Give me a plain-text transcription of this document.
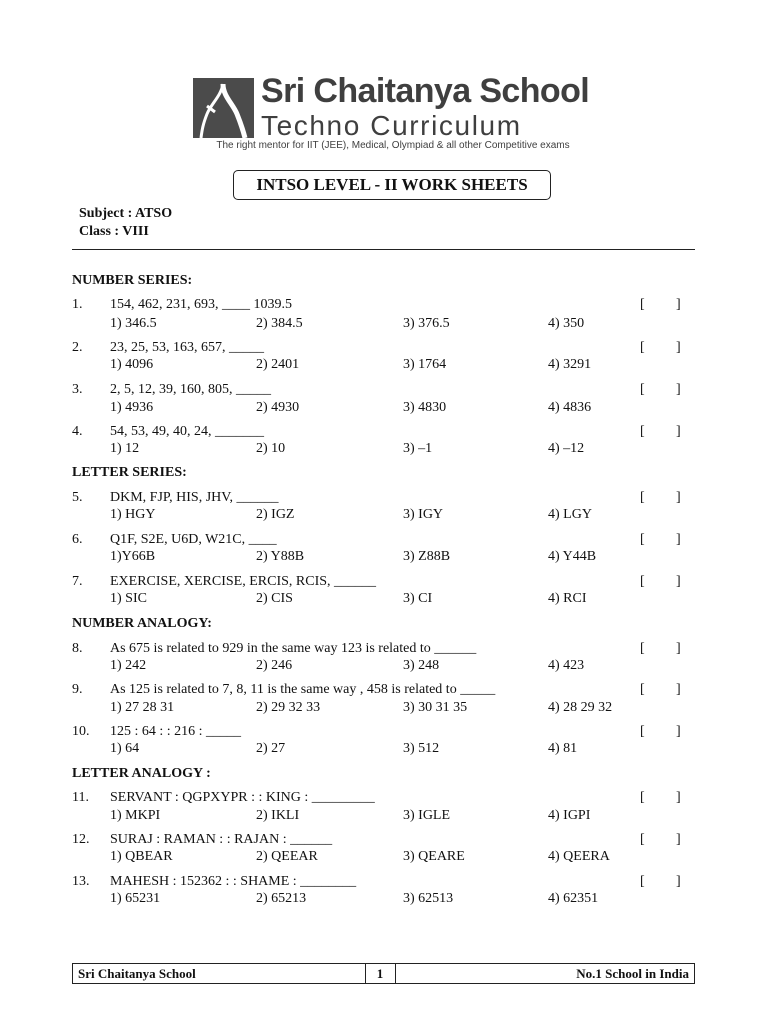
Sri Chaitanya School
Techno Curriculum
The right mentor for IIT (JEE), Medical, Olympiad & all other Competitive exams
INTSO LEVEL - II WORK SHEETS
Subject : ATSO
Class : VIII
NUMBER SERIES:
LETTER SERIES:
NUMBER ANALOGY:
LETTER ANALOGY :
1. 154, 462, 231, 693, ____ 1039.5	[ ]
1) 346.5	2) 384.5	3) 376.5	4) 350
2. 23, 25, 53, 163, 657, _____	[ ]
1) 4096	2) 2401	3) 1764	4) 3291
3. 2, 5, 12, 39, 160, 805, _____	[ ]
1) 4936	2) 4930	3) 4830	4) 4836
4. 54, 53, 49, 40, 24, _______	[ ]
1) 12	2) 10	3) –1	4) –12
5. DKM, FJP, HIS, JHV, ______	[ ]
1) HGY	2) IGZ	3) IGY	4) LGY
6. Q1F, S2E, U6D, W21C, ____	[ ]
1)Y66B	2) Y88B	3) Z88B	4) Y44B
7. EXERCISE, XERCISE, ERCIS, RCIS, ______	[ ]
1) SIC	2) CIS	3) CI	4) RCI
8. As 675 is related to 929 in the same way 123 is related to ______	[ ]
1) 242	2) 246	3) 248	4) 423
9. As 125 is related to 7, 8, 11 is the same way , 458 is related to _____	[ ]
1) 27 28 31	2) 29 32 33	3) 30 31 35	4) 28 29 32
10. 125 : 64 : : 216 : _____	[ ]
1) 64	2) 27	3) 512	4) 81
11. SERVANT : QGPXYPR : : KING : _________	[ ]
1) MKPI	2) IKLI	3) IGLE	4) IGPI
12. SURAJ : RAMAN : : RAJAN : ______	[ ]
1) QBEAR	2) QEEAR	3) QEARE	4) QEERA
13. MAHESH : 152362 : : SHAME : ________	[ ]
1) 65231	2) 65213	3) 62513	4) 62351
Sri Chaitanya School	1	No.1 School in India
